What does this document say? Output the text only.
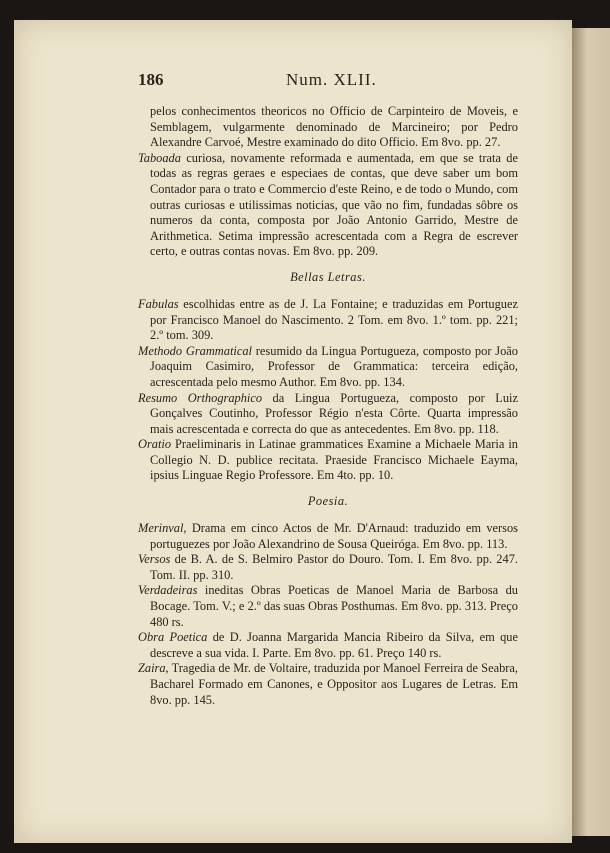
186	Num. XLII.

pelos conhecimentos theoricos no Officio de Carpinteiro de Moveis, e Semblagem, vulgarmente denominado de Marcineiro; por Pedro Alexandre Carvoé, Mestre examinado do dito Officio. Em 8vo. pp. 27.

Taboada curiosa, novamente reformada e aumentada, em que se trata de todas as regras geraes e especiaes de contas, que deve saber um bom Contador para o trato e Commercio d'este Reino, e de todo o Mundo, com outras curiosas e utilissimas noticias, que vão no fim, fundadas sôbre os numeros da conta, composta por João Antonio Garrido, Mestre de Arithmetica. Setima impressão acrescentada com a Regra de escrever certo, e outras contas novas. Em 8vo. pp. 209.

Bellas Letras.

Fabulas escolhidas entre as de J. La Fontaine; e traduzidas em Portuguez por Francisco Manoel do Nascimento. 2 Tom. em 8vo. 1.º tom. pp. 221; 2.º tom. 309.

Methodo Grammatical resumido da Lingua Portugueza, composto por João Joaquim Casimiro, Professor de Grammatica: terceira edição, acrescentada pelo mesmo Author. Em 8vo. pp. 134.

Resumo Orthographico da Lingua Portugueza, composto por Luiz Gonçalves Coutinho, Professor Régio n'esta Côrte. Quarta impressão mais acrescentada e correcta do que as antecedentes. Em 8vo. pp. 118.

Oratio Praeliminaris in Latinae grammatices Examine a Michaele Maria in Collegio N. D. publice recitata. Praeside Francisco Michaele Eayma, ipsius Linguae Regio Professore. Em 4to. pp. 10.

Poesia.

Merinval, Drama em cinco Actos de Mr. D'Arnaud: traduzido em versos portuguezes por João Alexandrino de Sousa Queiróga. Em 8vo. pp. 113.

Versos de B. A. de S. Belmiro Pastor do Douro. Tom. I. Em 8vo. pp. 247. Tom. II. pp. 310.

Verdadeiras ineditas Obras Poeticas de Manoel Maria de Barbosa du Bocage. Tom. V.; e 2.º das suas Obras Posthumas. Em 8vo. pp. 313. Preço 480 rs.

Obra Poetica de D. Joanna Margarida Mancia Ribeiro da Silva, em que descreve a sua vida. I. Parte. Em 8vo. pp. 61. Preço 140 rs.

Zaira, Tragedia de Mr. de Voltaire, traduzida por Manoel Ferreira de Seabra, Bacharel Formado em Canones, e Oppositor aos Lugares de Letras. Em 8vo. pp. 145.
